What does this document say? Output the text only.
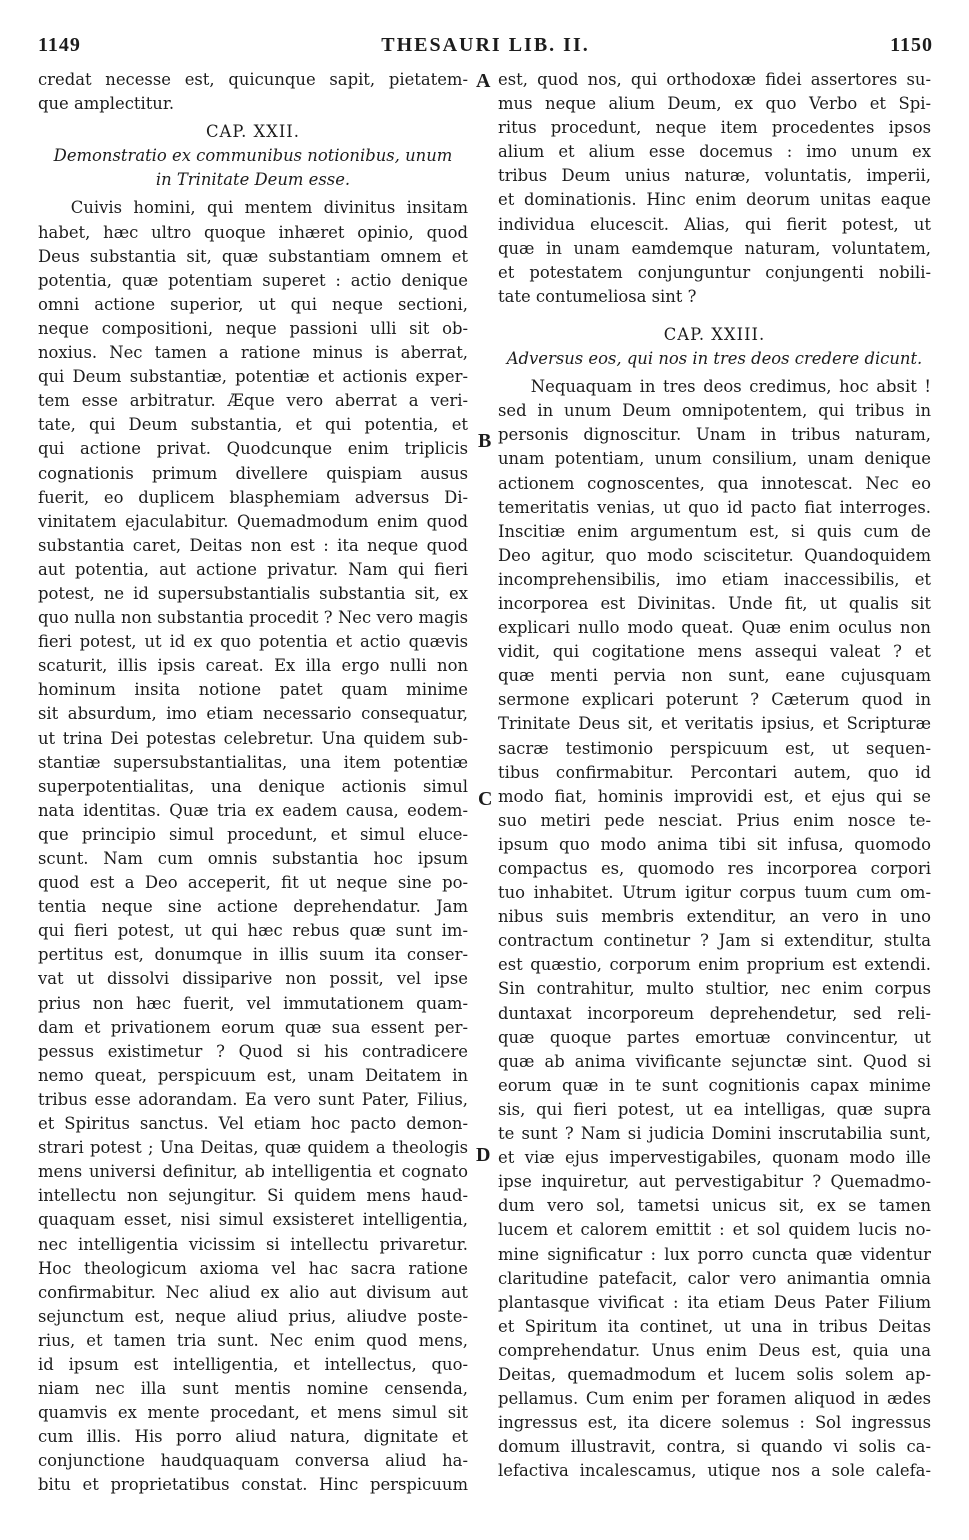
1149	THESAURI LIB. II.	1150

credat necesse est, quicunque sapit, pietatem-

que amplectitur.

CAP. XXII.

Demonstratio ex communibus notionibus, unum

in Trinitate Deum esse.

Cuivis homini, qui mentem divinitus insitam

habet, hæc ultro quoque inhæret opinio, quod

Deus substantia sit, quæ substantiam omnem et

potentia, quæ potentiam superet : actio denique

omni actione superior, ut qui neque sectioni,

neque compositioni, neque passioni ulli sit ob-

noxius. Nec tamen a ratione minus is aberrat,

qui Deum substantiæ, potentiæ et actionis exper-

tem esse arbitratur. Æque vero aberrat a veri-

tate, qui Deum substantia, et qui potentia, et

qui actione privat. Quodcunque enim triplicis

cognationis primum divellere quispiam ausus

fuerit, eo duplicem blasphemiam adversus Di-

vinitatem ejaculabitur. Quemadmodum enim quod

substantia caret, Deitas non est : ita neque quod

aut potentia, aut actione privatur. Nam qui fieri

potest, ne id supersubstantialis substantia sit, ex

quo nulla non substantia procedit ? Nec vero magis

fieri potest, ut id ex quo potentia et actio quævis

scaturit, illis ipsis careat. Ex illa ergo nulli non

hominum insita notione patet quam minime

sit absurdum, imo etiam necessario consequatur,

ut trina Dei potestas celebretur. Una quidem sub-

stantiæ supersubstantialitas, una item potentiæ

superpotentialitas, una denique actionis simul

nata identitas. Quæ tria ex eadem causa, eodem-

que principio simul procedunt, et simul eluce-

scunt. Nam cum omnis substantia hoc ipsum

quod est a Deo acceperit, fit ut neque sine po-

tentia neque sine actione deprehendatur. Jam

qui fieri potest, ut qui hæc rebus quæ sunt im-

pertitus est, donumque in illis suum ita conser-

vat ut dissolvi dissiparive non possit, vel ipse

prius non hæc fuerit, vel immutationem quam-

dam et privationem eorum quæ sua essent per-

pessus existimetur ? Quod si his contradicere

nemo queat, perspicuum est, unam Deitatem in

tribus esse adorandam. Ea vero sunt Pater, Filius,

et Spiritus sanctus. Vel etiam hoc pacto demon-

strari potest ; Una Deitas, quæ quidem a theologis

mens universi definitur, ab intelligentia et cognato

intellectu non sejungitur. Si quidem mens haud-

quaquam esset, nisi simul exsisteret intelligentia,

nec intelligentia vicissim si intellectu privaretur.

Hoc theologicum axioma vel hac sacra ratione

confirmabitur. Nec aliud ex alio aut divisum aut

sejunctum est, neque aliud prius, aliudve poste-

rius, et tamen tria sunt. Nec enim quod mens,

id ipsum est intelligentia, et intellectus, quo-

niam nec illa sunt mentis nomine censenda,

quamvis ex mente procedant, et mens simul sit

cum illis. His porro aliud natura, dignitate et

conjunctione haudquaquam conversa aliud ha-

bitu et proprietatibus constat. Hinc perspicuum

est, quod nos, qui orthodoxæ fidei assertores su-

mus neque alium Deum, ex quo Verbo et Spi-

ritus procedunt, neque item procedentes ipsos

alium et alium esse docemus : imo unum ex

tribus Deum unius naturæ, voluntatis, imperii,

et dominationis. Hinc enim deorum unitas eaque

individua elucescit. Alias, qui fierit potest, ut

quæ in unam eamdemque naturam, voluntatem,

et potestatem conjunguntur conjungenti nobili-

tate contumeliosa sint ?

CAP. XXIII.

Adversus eos, qui nos in tres deos credere dicunt.

Nequaquam in tres deos credimus, hoc absit !

sed in unum Deum omnipotentem, qui tribus in

personis dignoscitur. Unam in tribus naturam,

unam potentiam, unum consilium, unam denique

actionem cognoscentes, qua innotescat. Nec eo

temeritatis venias, ut quo id pacto fiat interroges.

Inscitiæ enim argumentum est, si quis cum de

Deo agitur, quo modo sciscitetur. Quandoquidem

incomprehensibilis, imo etiam inaccessibilis, et

incorporea est Divinitas. Unde fit, ut qualis sit

explicari nullo modo queat. Quæ enim oculus non

vidit, qui cogitatione mens assequi valeat ? et

quæ menti pervia non sunt, eane cujusquam

sermone explicari poterunt ? Cæterum quod in

Trinitate Deus sit, et veritatis ipsius, et Scripturæ

sacræ testimonio perspicuum est, ut sequen-

tibus confirmabitur. Percontari autem, quo id

modo fiat, hominis improvidi est, et ejus qui se

suo metiri pede nesciat. Prius enim nosce te-

ipsum quo modo anima tibi sit infusa, quomodo

compactus es, quomodo res incorporea corpori

tuo inhabitet. Utrum igitur corpus tuum cum om-

nibus suis membris extenditur, an vero in uno

contractum continetur ? Jam si extenditur, stulta

est quæstio, corporum enim proprium est extendi.

Sin contrahitur, multo stultior, nec enim corpus

duntaxat incorporeum deprehendetur, sed reli-

quæ quoque partes emortuæ convincentur, ut

quæ ab anima vivificante sejunctæ sint. Quod si

eorum quæ in te sunt cognitionis capax minime

sis, qui fieri potest, ut ea intelligas, quæ supra

te sunt ? Nam si judicia Domini inscrutabilia sunt,

et viæ ejus impervestigabiles, quonam modo ille

ipse inquiretur, aut pervestigabitur ? Quemadmo-

dum vero sol, tametsi unicus sit, ex se tamen

lucem et calorem emittit : et sol quidem lucis no-

mine significatur : lux porro cuncta quæ videntur

claritudine patefacit, calor vero animantia omnia

plantasque vivificat : ita etiam Deus Pater Filium

et Spiritum ita continet, ut una in tribus Deitas

comprehendatur. Unus enim Deus est, quia una

Deitas, quemadmodum et lucem solis solem ap-

pellamus. Cum enim per foramen aliquod in ædes

ingressus est, ita dicere solemus : Sol ingressus

domum illustravit, contra, si quando vi solis ca-

lefactiva incalescamus, utique nos a sole calefa-

A
B
C
D
